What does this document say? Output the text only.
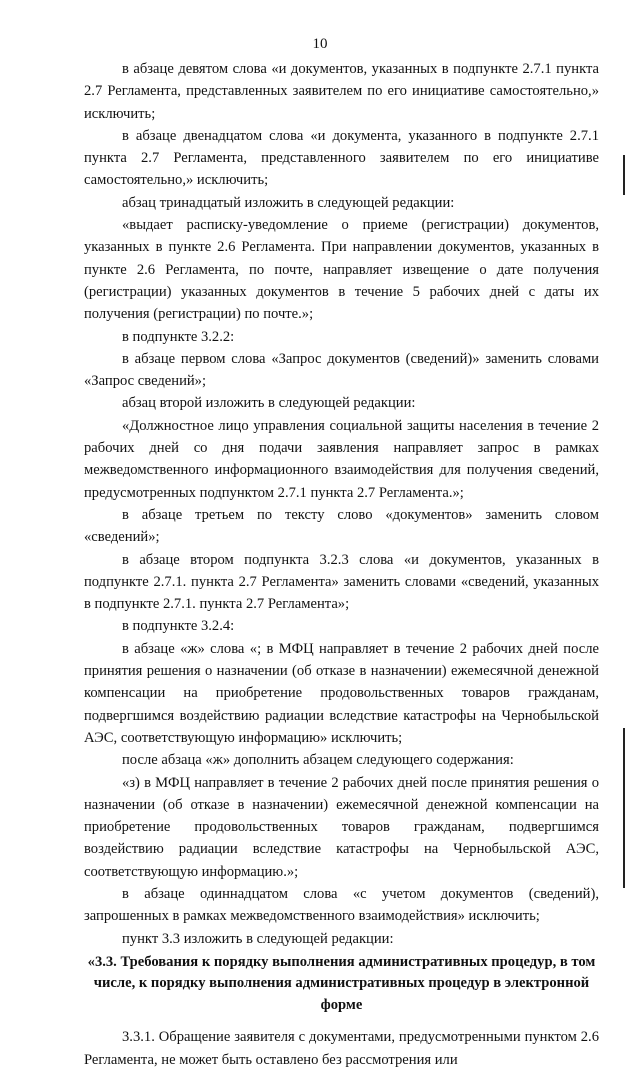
10

в абзаце девятом слова «и документов, указанных в подпункте 2.7.1 пункта 2.7 Регламента, представленных заявителем по его инициативе самостоятельно,» исключить;

в абзаце двенадцатом слова «и документа, указанного в подпункте 2.7.1 пункта 2.7 Регламента, представленного заявителем по его инициативе самостоятельно,» исключить;

абзац тринадцатый изложить в следующей редакции:

«выдает расписку-уведомление о приеме (регистрации) документов, указанных в пункте 2.6 Регламента. При направлении документов, указанных в пункте 2.6 Регламента, по почте, направляет извещение о дате получения (регистрации) указанных документов в течение 5 рабочих дней с даты их получения (регистрации) по почте.»;

в подпункте 3.2.2:

в абзаце первом слова «Запрос документов (сведений)» заменить словами «Запрос сведений»;

абзац второй изложить в следующей редакции:

«Должностное лицо управления социальной защиты населения в течение 2 рабочих дней со дня подачи заявления направляет запрос в рамках межведомственного информационного взаимодействия для получения сведений, предусмотренных подпунктом 2.7.1 пункта 2.7 Регламента.»;

в абзаце третьем по тексту слово «документов» заменить словом «сведений»;

в абзаце втором подпункта 3.2.3 слова «и документов, указанных в подпункте 2.7.1. пункта 2.7 Регламента» заменить словами «сведений, указанных в подпункте 2.7.1. пункта 2.7 Регламента»;

в подпункте 3.2.4:

в абзаце «ж» слова «; в МФЦ направляет в течение 2 рабочих дней после принятия решения о назначении (об отказе в назначении) ежемесячной денежной компенсации на приобретение продовольственных товаров гражданам, подвергшимся воздействию радиации вследствие катастрофы на Чернобыльской АЭС, соответствующую информацию» исключить;

после абзаца «ж» дополнить абзацем следующего содержания:

«з) в МФЦ направляет в течение 2 рабочих дней после принятия решения о назначении (об отказе в назначении) ежемесячной денежной компенсации на приобретение продовольственных товаров гражданам, подвергшимся воздействию радиации вследствие катастрофы на Чернобыльской АЭС, соответствующую информацию.»;

в абзаце одиннадцатом слова «с учетом документов (сведений), запрошенных в рамках межведомственного взаимодействия» исключить;

пункт 3.3 изложить в следующей редакции:

«3.3. Требования к порядку выполнения административных процедур, в том числе, к порядку выполнения административных процедур в электронной форме

3.3.1. Обращение заявителя с документами, предусмотренными пунктом 2.6 Регламента, не может быть оставлено без рассмотрения или
